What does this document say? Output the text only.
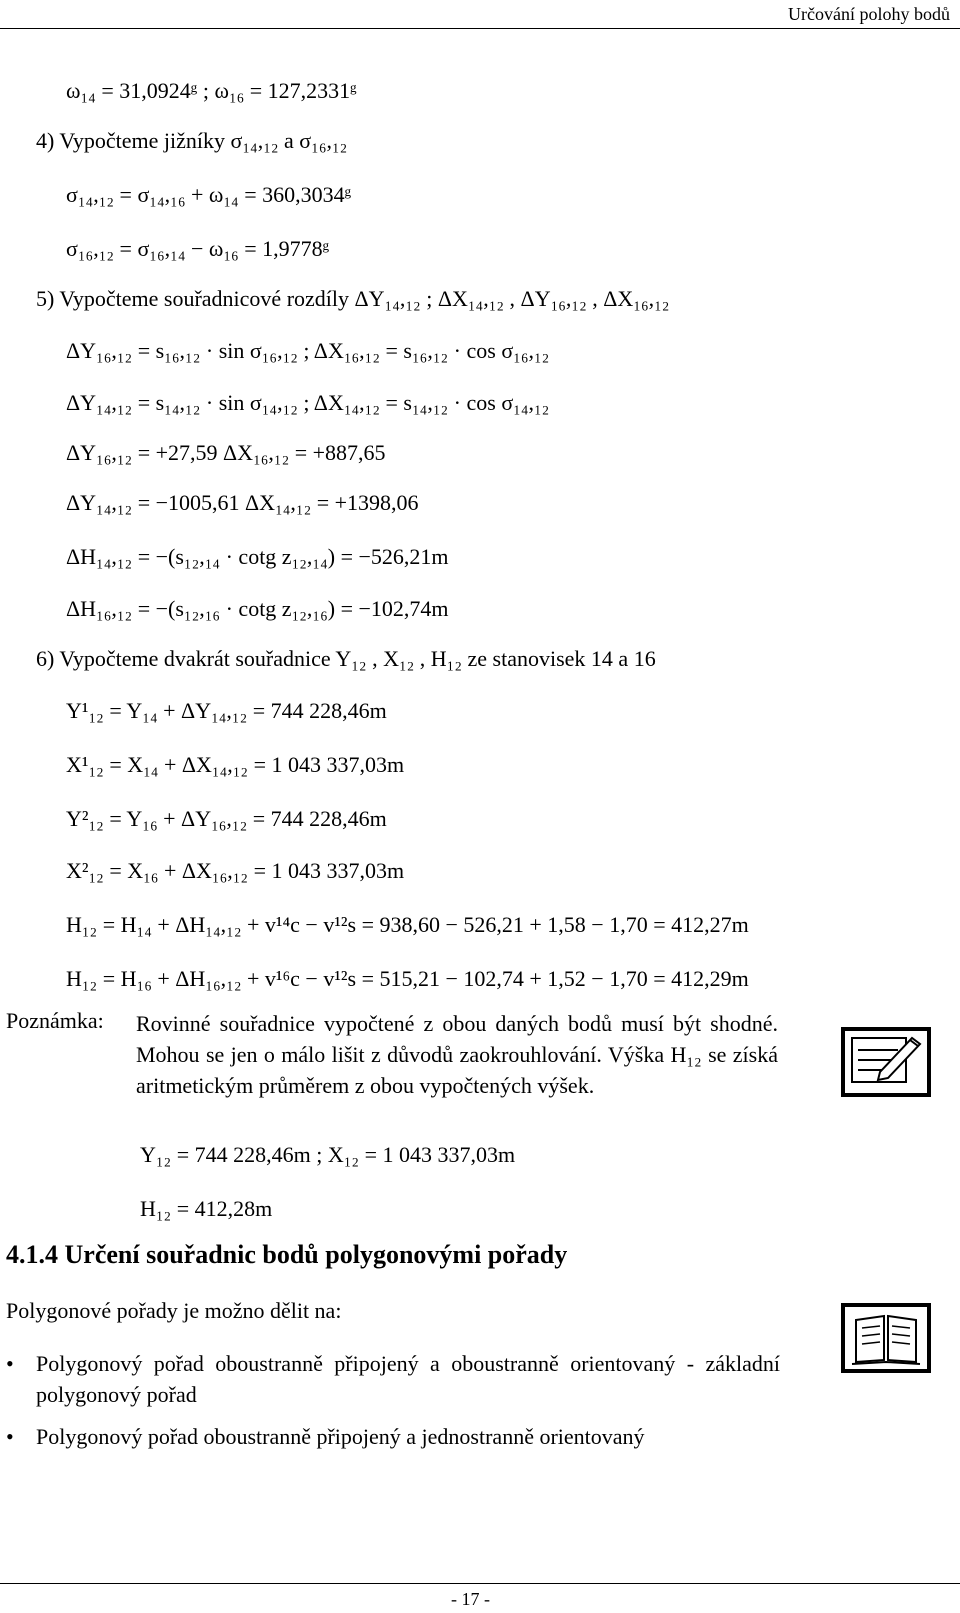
Určování polohy bodů
ω₁₄ = 31,0924ᵍ ; ω₁₆ = 127,2331ᵍ
4) Vypočteme jižníky σ₁₄,₁₂ a σ₁₆,₁₂
σ₁₄,₁₂ = σ₁₄,₁₆ + ω₁₄ = 360,3034ᵍ
σ₁₆,₁₂ = σ₁₆,₁₄ − ω₁₆ = 1,9778ᵍ
5) Vypočteme souřadnicové rozdíly ΔY₁₄,₁₂ ; ΔX₁₄,₁₂ , ΔY₁₆,₁₂ , ΔX₁₆,₁₂
ΔY₁₆,₁₂ = s₁₆,₁₂ · sin σ₁₆,₁₂ ; ΔX₁₆,₁₂ = s₁₆,₁₂ · cos σ₁₆,₁₂
ΔY₁₄,₁₂ = s₁₄,₁₂ · sin σ₁₄,₁₂ ; ΔX₁₄,₁₂ = s₁₄,₁₂ · cos σ₁₄,₁₂
ΔY₁₆,₁₂ = +27,59 ΔX₁₆,₁₂ = +887,65
ΔY₁₄,₁₂ = −1005,61 ΔX₁₄,₁₂ = +1398,06
ΔH₁₄,₁₂ = −(s₁₂,₁₄ · cotg z₁₂,₁₄) = −526,21m
ΔH₁₆,₁₂ = −(s₁₂,₁₆ · cotg z₁₂,₁₆) = −102,74m
6) Vypočteme dvakrát souřadnice Y₁₂ , X₁₂ , H₁₂ ze stanovisek 14 a 16
Y¹₁₂ = Y₁₄ + ΔY₁₄,₁₂ = 744 228,46m
X¹₁₂ = X₁₄ + ΔX₁₄,₁₂ = 1 043 337,03m
Y²₁₂ = Y₁₆ + ΔY₁₆,₁₂ = 744 228,46m
X²₁₂ = X₁₆ + ΔX₁₆,₁₂ = 1 043 337,03m
H₁₂ = H₁₄ + ΔH₁₄,₁₂ + v¹⁴c − v¹²s = 938,60 − 526,21 + 1,58 − 1,70 = 412,27m
H₁₂ = H₁₆ + ΔH₁₆,₁₂ + v¹⁶c − v¹²s = 515,21 − 102,74 + 1,52 − 1,70 = 412,29m
Poznámka: Rovinné souřadnice vypočtené z obou daných bodů musí být shodné. Mohou se jen o málo lišit z důvodů zaokrouhlování. Výška H₁₂ se získá aritmetickým průměrem z obou vypočtených výšek.
Y₁₂ = 744 228,46m ; X₁₂ = 1 043 337,03m
H₁₂ = 412,28m
4.1.4 Určení souřadnic bodů polygonovými pořady
Polygonové pořady je možno dělit na:
• Polygonový pořad oboustranně připojený a oboustranně orientovaný - základní polygonový pořad
• Polygonový pořad oboustranně připojený a jednostranně orientovaný
- 17 -
